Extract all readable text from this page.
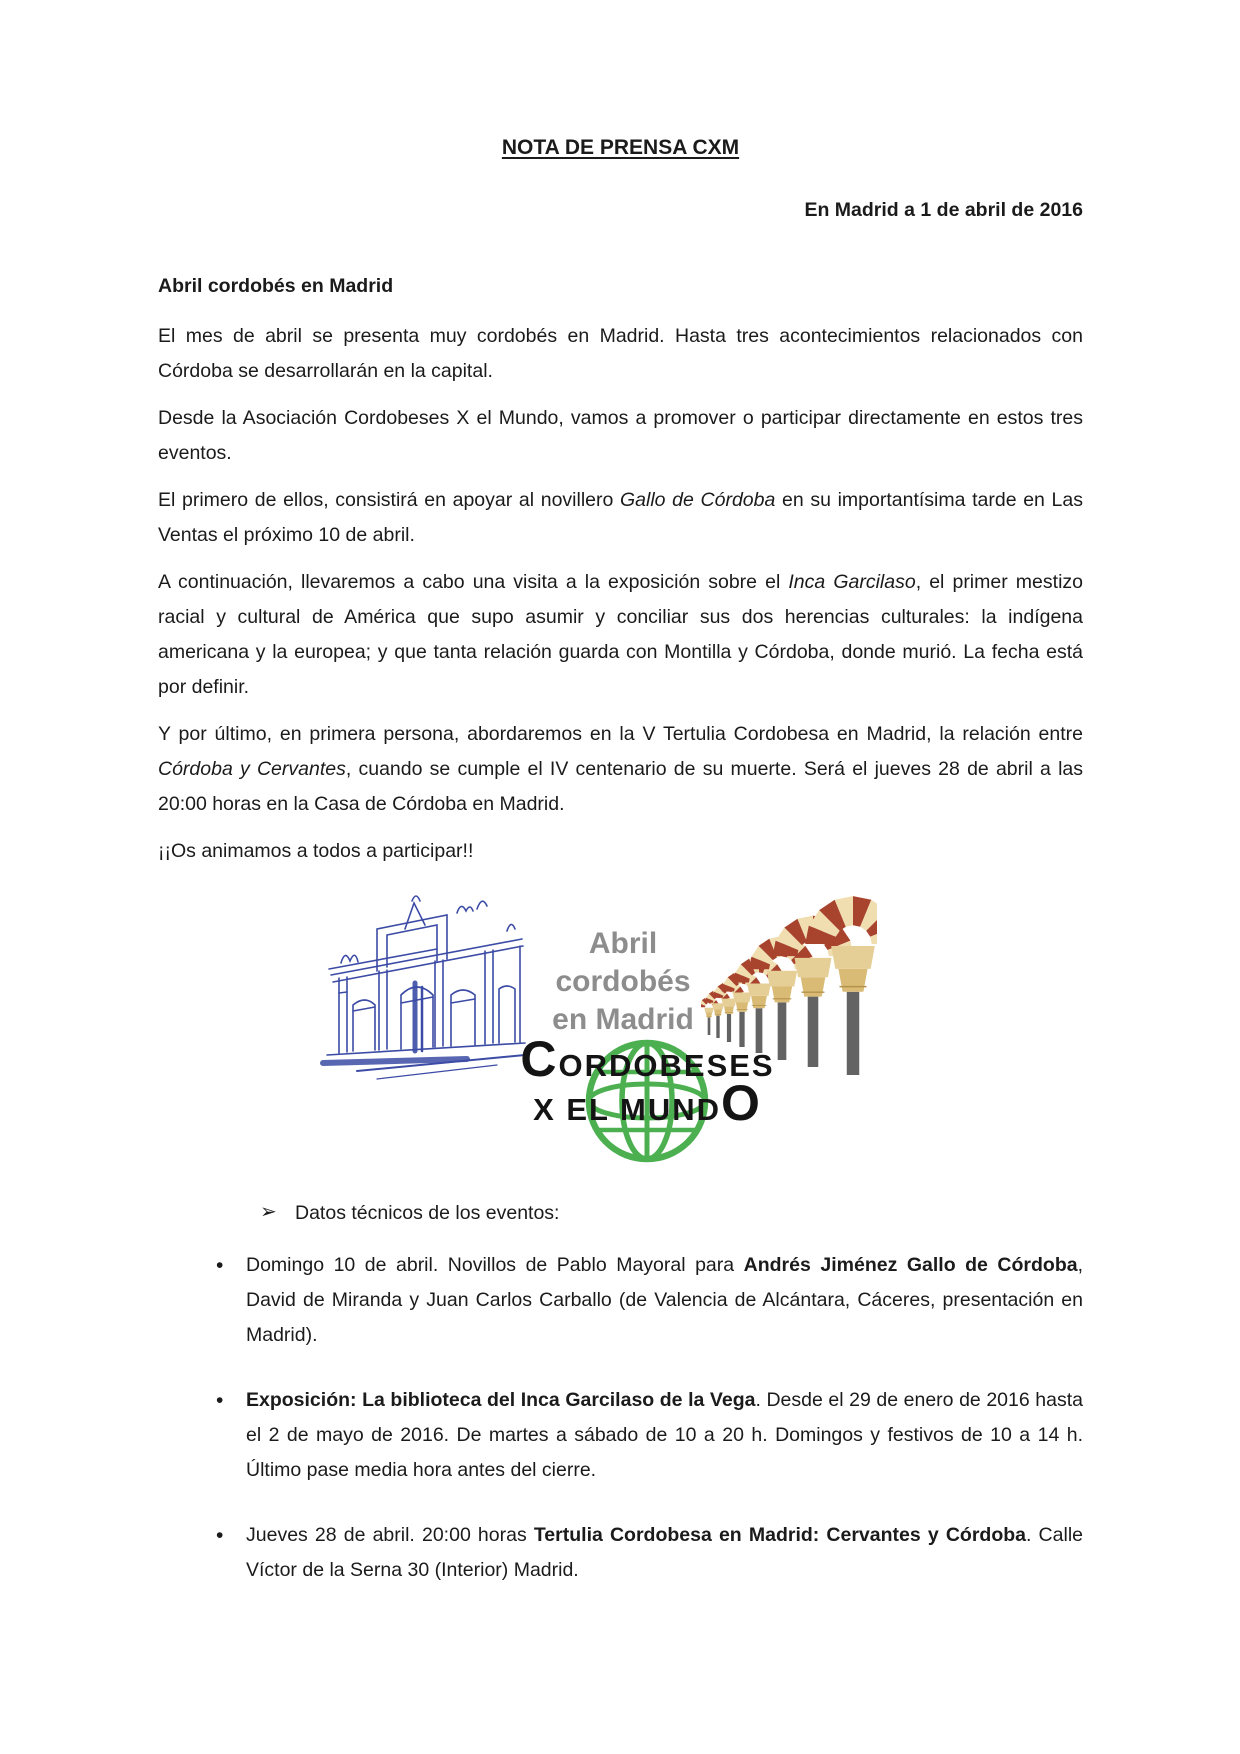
NOTA DE PRENSA CXM

En Madrid a 1 de abril de 2016

Abril cordobés en Madrid

El mes de abril se presenta muy cordobés en Madrid. Hasta tres acontecimientos relacionados con Córdoba se desarrollarán en la capital.

Desde la Asociación Cordobeses X el Mundo, vamos a promover o participar directamente en estos tres eventos.

El primero de ellos, consistirá en apoyar al novillero Gallo de Córdoba en su importantísima tarde en Las Ventas el próximo 10 de abril.

A continuación, llevaremos a cabo una visita a la exposición sobre el Inca Garcilaso, el primer mestizo racial y cultural de América que supo asumir y conciliar sus dos herencias culturales: la indígena americana y la europea; y que tanta relación guarda con Montilla y Córdoba, donde murió. La fecha está por definir.

Y por último, en primera persona, abordaremos en la V Tertulia Cordobesa en Madrid, la relación entre Córdoba y Cervantes, cuando se cumple el IV centenario de su muerte. Será el jueves 28 de abril a las 20:00 horas en la Casa de Córdoba en Madrid.

¡¡Os animamos a todos a participar!!

Abril
cordobés
en Madrid
CORDOBESES
X EL MUNDO
➢ Datos técnicos de los eventos:
• Domingo 10 de abril. Novillos de Pablo Mayoral para Andrés Jiménez Gallo de Córdoba, David de Miranda y Juan Carlos Carballo (de Valencia de Alcántara, Cáceres, presentación en Madrid).
• Exposición: La biblioteca del Inca Garcilaso de la Vega. Desde el 29 de enero de 2016 hasta el 2 de mayo de 2016. De martes a sábado de 10 a 20 h. Domingos y festivos de 10 a 14 h. Último pase media hora antes del cierre.
• Jueves 28 de abril. 20:00 horas Tertulia Cordobesa en Madrid: Cervantes y Córdoba. Calle Víctor de la Serna 30 (Interior) Madrid.
